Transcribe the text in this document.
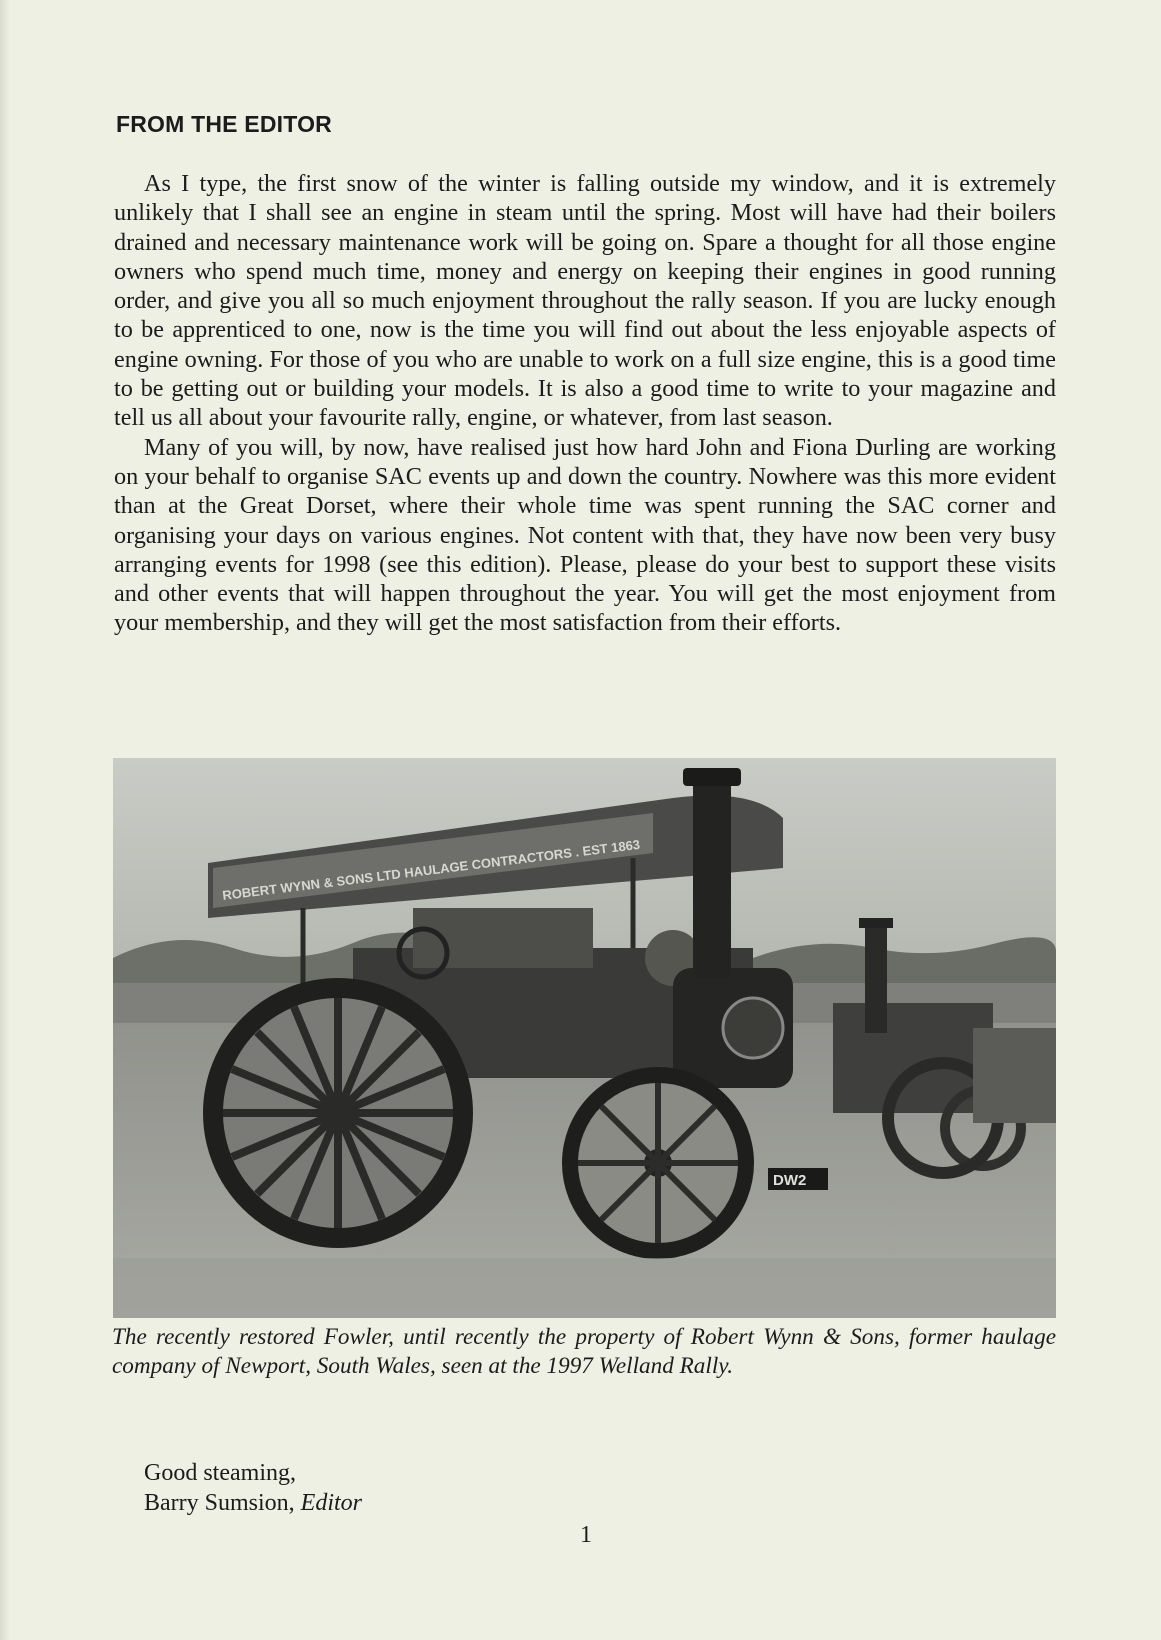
FROM THE EDITOR

As I type, the first snow of the winter is falling outside my window, and it is extremely unlikely that I shall see an engine in steam until the spring. Most will have had their boilers drained and necessary maintenance work will be going on. Spare a thought for all those engine owners who spend much time, money and energy on keeping their engines in good running order, and give you all so much enjoyment throughout the rally season. If you are lucky enough to be apprenticed to one, now is the time you will find out about the less enjoyable aspects of engine owning. For those of you who are unable to work on a full size engine, this is a good time to be getting out or building your models. It is also a good time to write to your magazine and tell us all about your favourite rally, engine, or whatever, from last season.

Many of you will, by now, have realised just how hard John and Fiona Durling are working on your behalf to organise SAC events up and down the country. Nowhere was this more evident than at the Great Dorset, where their whole time was spent running the SAC corner and organising your days on various engines. Not content with that, they have now been very busy arranging events for 1998 (see this edition). Please, please do your best to support these visits and other events that will happen throughout the year. You will get the most enjoyment from your membership, and they will get the most satisfaction from their efforts.

ROBERT WYNN & SONS LTD HAULAGE CONTRACTORS . EST 1863
DW2

The recently restored Fowler, until recently the property of Robert Wynn & Sons, former haulage company of Newport, South Wales, seen at the 1997 Welland Rally.

Good steaming,
Barry Sumsion, Editor
1
